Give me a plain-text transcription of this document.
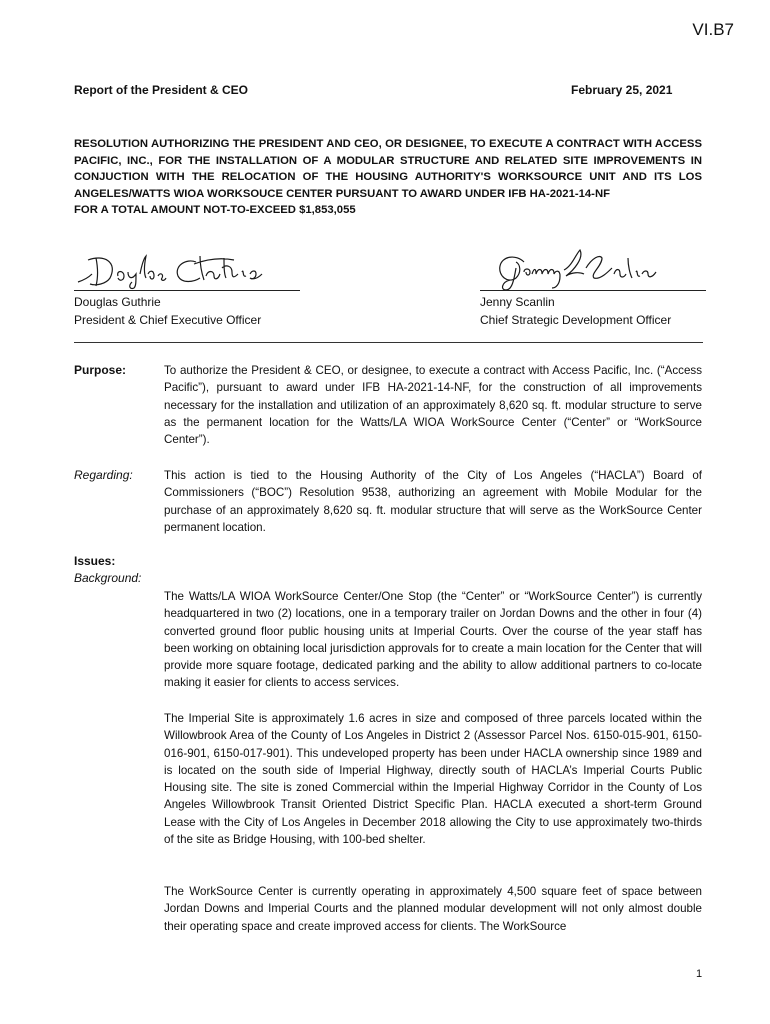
VI.B7
Report of the President & CEO	February 25, 2021
RESOLUTION AUTHORIZING THE PRESIDENT AND CEO, OR DESIGNEE, TO EXECUTE A CONTRACT WITH ACCESS
PACIFIC, INC., FOR THE INSTALLATION OF A MODULAR STRUCTURE AND RELATED SITE IMPROVEMENTS IN
CONJUCTION WITH THE RELOCATION OF THE HOUSING AUTHORITY'S WORKSOURCE UNIT AND ITS LOS
ANGELES/WATTS WIOA WORKSOUCE CENTER PURSUANT TO AWARD UNDER IFB HA-2021-14-NF
FOR A TOTAL AMOUNT NOT-TO-EXCEED $1,853,055
Douglas Guthrie
President & Chief Executive Officer
Jenny Scanlin
Chief Strategic Development Officer
Purpose:	To authorize the President & CEO, or designee, to execute a contract with Access Pacific, Inc. (“Access Pacific”), pursuant to award under IFB HA-2021-14-NF, for the construction of all improvements necessary for the installation and utilization of an approximately 8,620 sq. ft. modular structure to serve as the permanent location for the Watts/LA WIOA WorkSource Center (“Center” or “WorkSource Center”).
Regarding:	This action is tied to the Housing Authority of the City of Los Angeles (“HACLA”) Board of Commissioners (“BOC”) Resolution 9538, authorizing an agreement with Mobile Modular for the purchase of an approximately 8,620 sq. ft. modular structure that will serve as the WorkSource Center permanent location.
Issues:
Background:
The Watts/LA WIOA WorkSource Center/One Stop (the “Center” or “WorkSource Center”) is currently headquartered in two (2) locations, one in a temporary trailer on Jordan Downs and the other in four (4) converted ground floor public housing units at Imperial Courts. Over the course of the year staff has been working on obtaining local jurisdiction approvals for to create a main location for the Center that will provide more square footage, dedicated parking and the ability to allow additional partners to co-locate making it easier for clients to access services.
The Imperial Site is approximately 1.6 acres in size and composed of three parcels located within the Willowbrook Area of the County of Los Angeles in District 2 (Assessor Parcel Nos. 6150-015-901, 6150-016-901, 6150-017-901). This undeveloped property has been under HACLA ownership since 1989 and is located on the south side of Imperial Highway, directly south of HACLA’s Imperial Courts Public Housing site. The site is zoned Commercial within the Imperial Highway Corridor in the County of Los Angeles Willowbrook Transit Oriented District Specific Plan. HACLA executed a short-term Ground Lease with the City of Los Angeles in December 2018 allowing the City to use approximately two-thirds of the site as Bridge Housing, with 100-bed shelter.
The WorkSource Center is currently operating in approximately 4,500 square feet of space between Jordan Downs and Imperial Courts and the planned modular development will not only almost double their operating space and create improved access for clients. The WorkSource
1
